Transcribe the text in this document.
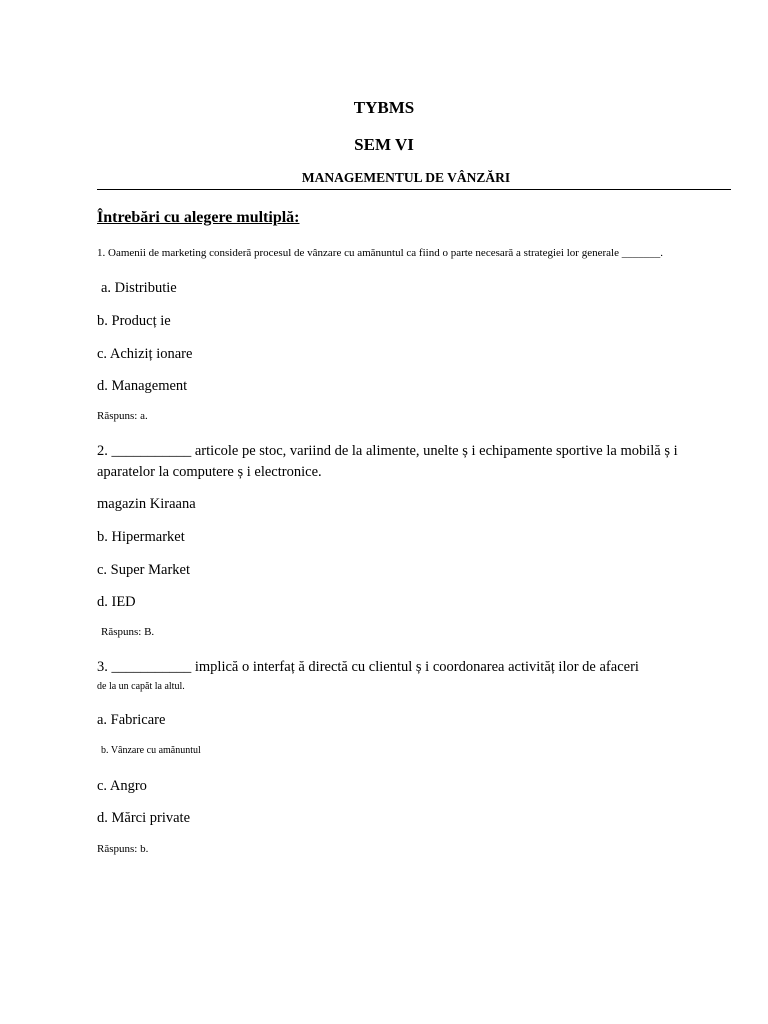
TYBMS
SEM VI
MANAGEMENTUL DE VÂNZĂRI
Întrebări cu alegere multiplă:
1. Oamenii de marketing consideră procesul de vânzare cu amănuntul ca fiind o parte necesară a strategiei lor generale _______.
a. Distributie
b. Producț ie
c. Achiziț ionare
d. Management
Răspuns: a.
2. ___________ articole pe stoc, variind de la alimente, unelte ș i echipamente sportive la mobilă ș i
aparatelor la computere ș i electronice.
magazin Kiraana
b. Hipermarket
c. Super Market
d. IED
Răspuns: B.
3. ___________ implică o interfaț ă directă cu clientul ș i coordonarea activităț ilor de afaceri
de la un capăt la altul.
a. Fabricare
b. Vânzare cu amănuntul
c. Angro
d. Mărci private
Răspuns: b.
